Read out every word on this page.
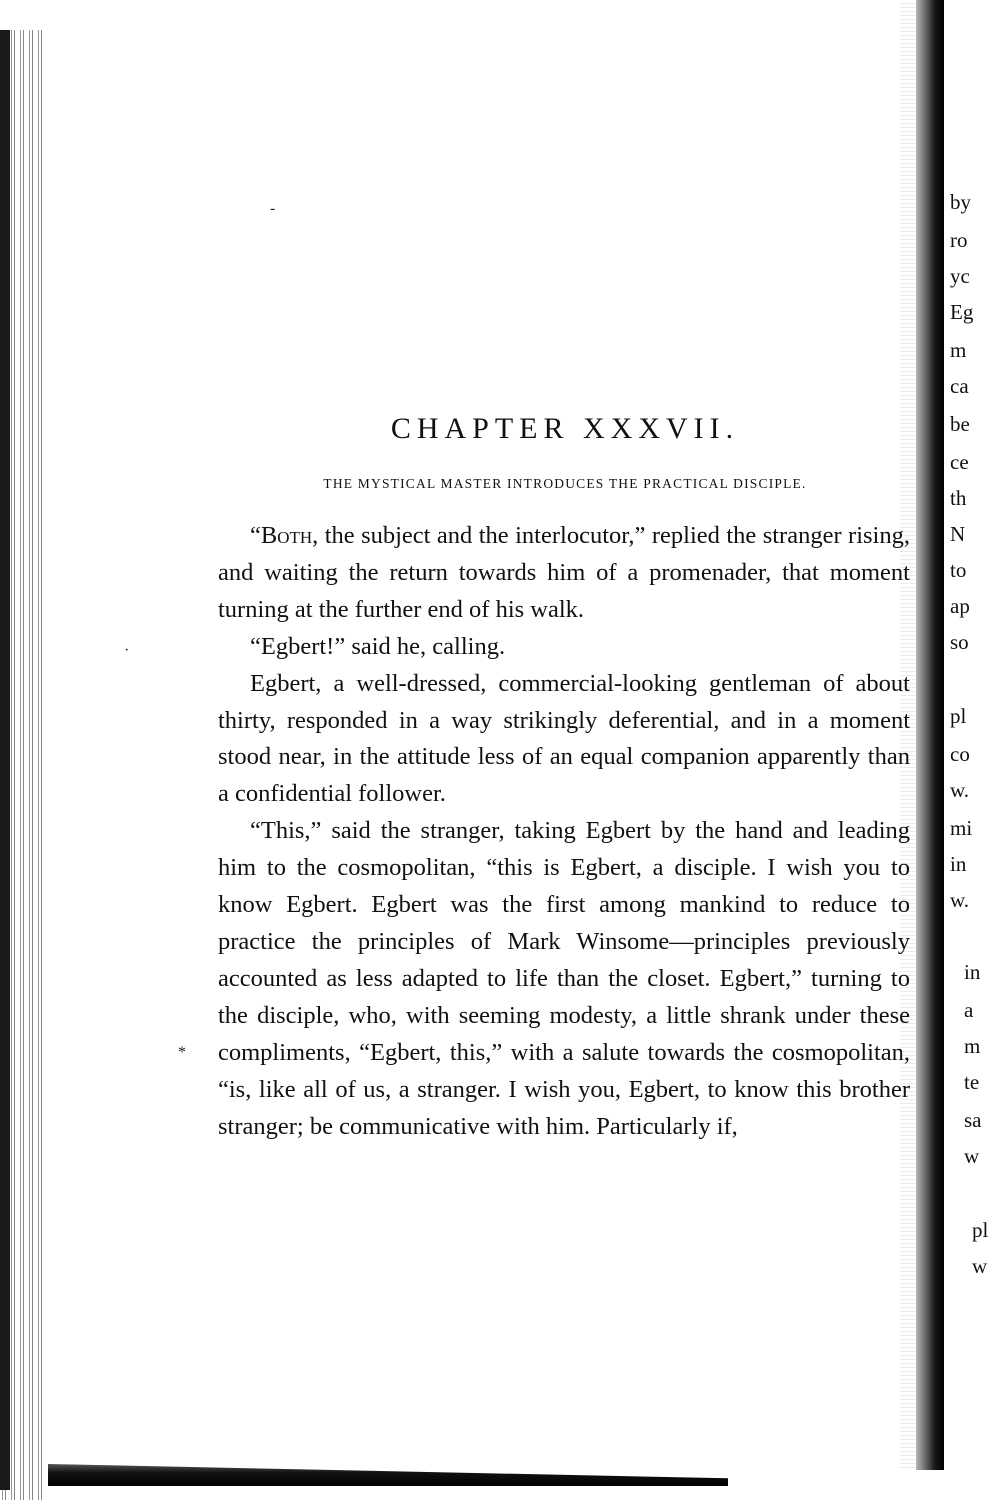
‐
·
*
CHAPTER XXXVII.
THE MYSTICAL MASTER INTRODUCES THE PRACTICAL DISCIPLE.

“Both, the subject and the interlocutor,” replied the stranger rising, and waiting the return towards him of a promenader, that moment turning at the further end of his walk.

“Egbert!” said he, calling.

Egbert, a well-dressed, commercial-looking gentleman of about thirty, responded in a way strikingly deferential, and in a moment stood near, in the attitude less of an equal companion apparently than a confidential follower.

“This,” said the stranger, taking Egbert by the hand and leading him to the cosmopolitan, “this is Egbert, a disciple. I wish you to know Egbert. Egbert was the first among mankind to reduce to practice the principles of Mark Winsome—principles previously accounted as less adapted to life than the closet. Egbert,” turning to the disciple, who, with seeming modesty, a little shrank under these compliments, “Egbert, this,” with a salute towards the cosmopolitan, “is, like all of us, a stranger. I wish you, Egbert, to know this brother stranger; be communicative with him. Particularly if,

by
ro
yc
Eg
m
ca
be
ce
th
N
to
ap
so
pl
co
w.
mi
in
w.
in
a
m
te
sa
w
pl
w
